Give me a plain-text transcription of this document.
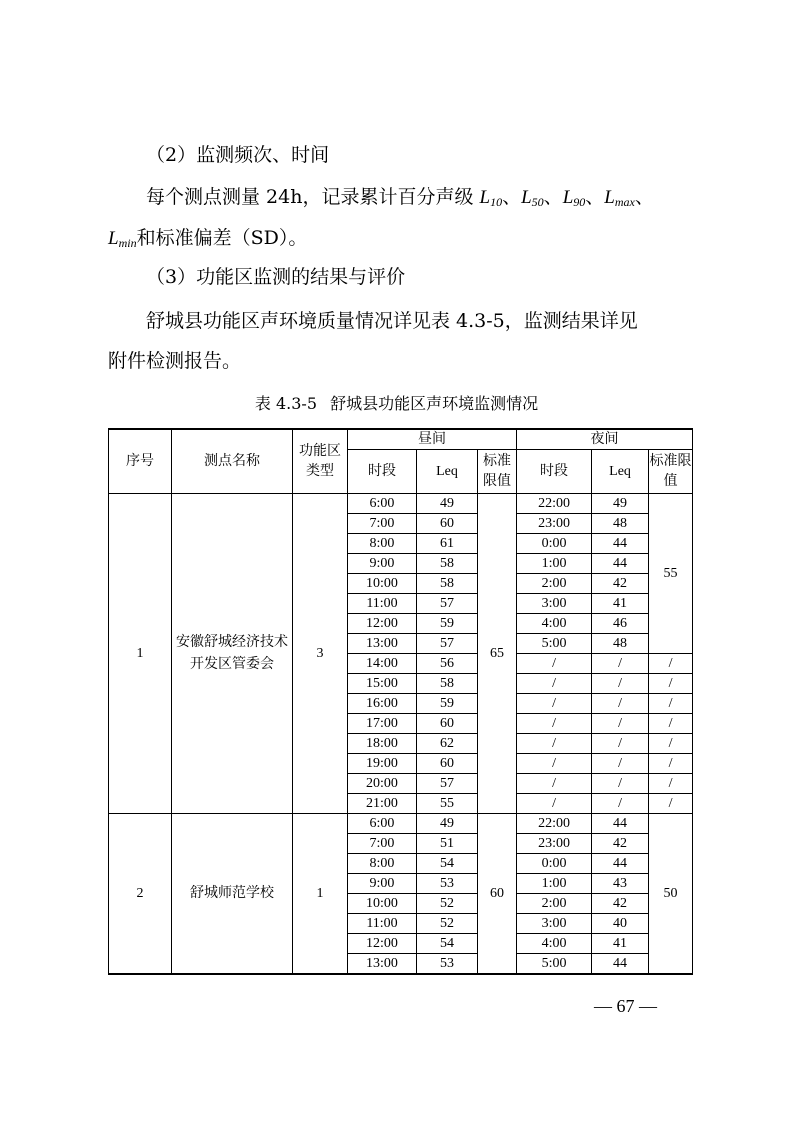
（2）监测频次、时间
每个测点测量 24h，记录累计百分声级 $L_{10}$、$L_{50}$、$L_{90}$、$L_{max}$、
$L_{min}$和标准偏差（SD）。
（3）功能区监测的结果与评价
舒城县功能区声环境质量情况详见表 4.3-5，监测结果详见
附件检测报告。
表 4.3-5 舒城县功能区声环境监测情况
序号	测点名称	功能区类型	昼间			夜间		
			时段	Leq	标准限值	时段	Leq	标准限值
1	安徽舒城经济技术开发区管委会	3	6:00	49	65	22:00	49	55
			7:00	60		23:00	48	
			8:00	61		0:00	44	
			9:00	58		1:00	44	
			10:00	58		2:00	42	
			11:00	57		3:00	41	
			12:00	59		4:00	46	
			13:00	57		5:00	48	
			14:00	56		/	/	/
			15:00	58		/	/	/
			16:00	59		/	/	/
			17:00	60		/	/	/
			18:00	62		/	/	/
			19:00	60		/	/	/
			20:00	57		/	/	/
			21:00	55		/	/	/
2	舒城师范学校	1	6:00	49	60	22:00	44	50
			7:00	51		23:00	42	
			8:00	54		0:00	44	
			9:00	53		1:00	43	
			10:00	52		2:00	42	
			11:00	52		3:00	40	
			12:00	54		4:00	41	
			13:00	53		5:00	44	
— 67 —
